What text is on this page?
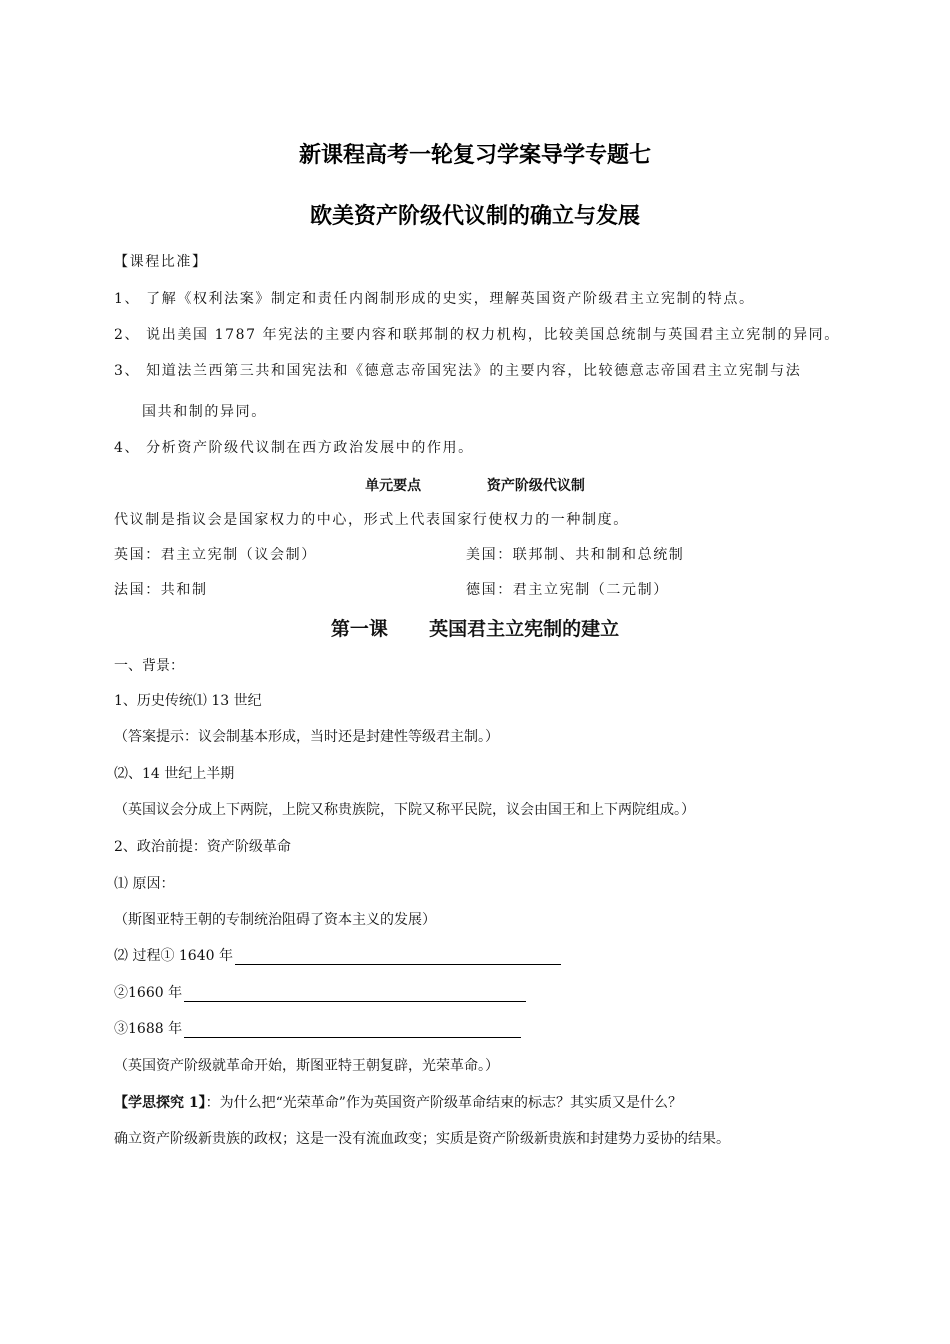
新课程高考一轮复习学案导学专题七
欧美资产阶级代议制的确立与发展
【课程比准】
1、 了解《权利法案》制定和责任内阁制形成的史实，理解英国资产阶级君主立宪制的特点。
2、 说出美国 1787 年宪法的主要内容和联邦制的权力机构，比较美国总统制与英国君主立宪制的异同。
3、 知道法兰西第三共和国宪法和《德意志帝国宪法》的主要内容，比较德意志帝国君主立宪制与法
国共和制的异同。
4、 分析资产阶级代议制在西方政治发展中的作用。
单元要点	资产阶级代议制
代议制是指议会是国家权力的中心，形式上代表国家行使权力的一种制度。
英国：君主立宪制（议会制）	美国：联邦制、共和制和总统制
法国：共和制	德国：君主立宪制（二元制）
第一课 英国君主立宪制的建立
一、背景：
1、历史传统⑴ 13 世纪
（答案提示：议会制基本形成，当时还是封建性等级君主制。）
⑵、14 世纪上半期
（英国议会分成上下两院，上院又称贵族院，下院又称平民院，议会由国王和上下两院组成。）
2、政治前提：资产阶级革命
⑴ 原因：
（斯图亚特王朝的专制统治阻碍了资本主义的发展）
⑵ 过程① 1640 年
②1660 年
③1688 年
（英国资产阶级就革命开始，斯图亚特王朝复辟，光荣革命。）
【学思探究 1】：为什么把“光荣革命”作为英国资产阶级革命结束的标志？其实质又是什么？
确立资产阶级新贵族的政权；这是一没有流血政变；实质是资产阶级新贵族和封建势力妥协的结果。
